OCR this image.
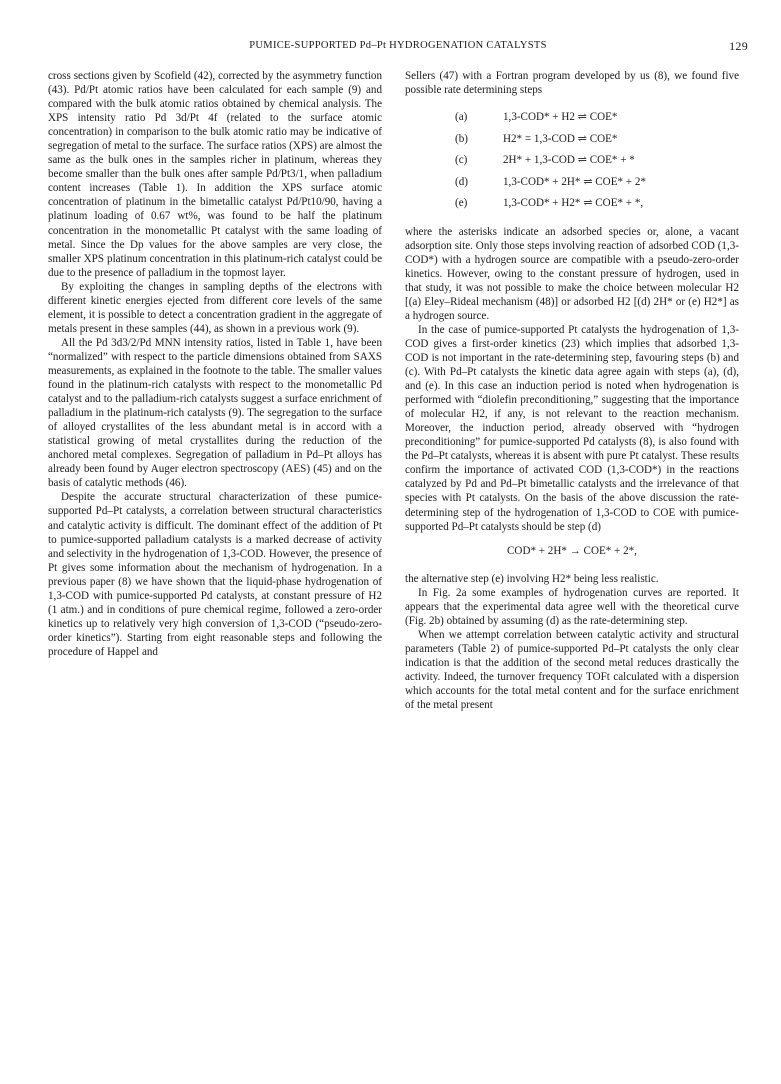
PUMICE-SUPPORTED Pd–Pt HYDROGENATION CATALYSTS	129

cross sections given by Scofield (42), corrected by the asymmetry function (43). Pd/Pt atomic ratios have been calculated for each sample (9) and compared with the bulk atomic ratios obtained by chemical analysis. The XPS intensity ratio Pd 3d/Pt 4f (related to the surface atomic concentration) in comparison to the bulk atomic ratio may be indicative of segregation of metal to the surface. The surface ratios (XPS) are almost the same as the bulk ones in the samples richer in platinum, whereas they become smaller than the bulk ones after sample Pd/Pt3/1, when palladium content increases (Table 1). In addition the XPS surface atomic concentration of platinum in the bimetallic catalyst Pd/Pt10/90, having a platinum loading of 0.67 wt%, was found to be half the platinum concentration in the monometallic Pt catalyst with the same loading of metal. Since the Dp values for the above samples are very close, the smaller XPS platinum concentration in this platinum-rich catalyst could be due to the presence of palladium in the topmost layer.

By exploiting the changes in sampling depths of the electrons with different kinetic energies ejected from different core levels of the same element, it is possible to detect a concentration gradient in the aggregate of metals present in these samples (44), as shown in a previous work (9).

All the Pd 3d3/2/Pd MNN intensity ratios, listed in Table 1, have been “normalized” with respect to the particle dimensions obtained from SAXS measurements, as explained in the footnote to the table. The smaller values found in the platinum-rich catalysts with respect to the monometallic Pd catalyst and to the palladium-rich catalysts suggest a surface enrichment of palladium in the platinum-rich catalysts (9). The segregation to the surface of alloyed crystallites of the less abundant metal is in accord with a statistical growing of metal crystallites during the reduction of the anchored metal complexes. Segregation of palladium in Pd–Pt alloys has already been found by Auger electron spectroscopy (AES) (45) and on the basis of catalytic methods (46).

Despite the accurate structural characterization of these pumice-supported Pd–Pt catalysts, a correlation between structural characteristics and catalytic activity is difficult. The dominant effect of the addition of Pt to pumice-supported palladium catalysts is a marked decrease of activity and selectivity in the hydrogenation of 1,3-COD. However, the presence of Pt gives some information about the mechanism of hydrogenation. In a previous paper (8) we have shown that the liquid-phase hydrogenation of 1,3-COD with pumice-supported Pd catalysts, at constant pressure of H2 (1 atm.) and in conditions of pure chemical regime, followed a zero-order kinetics up to relatively very high conversion of 1,3-COD (“pseudo-zero-order kinetics”). Starting from eight reasonable steps and following the procedure of Happel and

Sellers (47) with a Fortran program developed by us (8), we found five possible rate determining steps

(a)	1,3-COD* + H2 ⇌ COE*
(b)	H2* = 1,3-COD ⇌ COE*
(c)	2H* + 1,3-COD ⇌ COE* + *
(d)	1,3-COD* + 2H* ⇌ COE* + 2*
(e)	1,3-COD* + H2* ⇌ COE* + *,

where the asterisks indicate an adsorbed species or, alone, a vacant adsorption site. Only those steps involving reaction of adsorbed COD (1,3-COD*) with a hydrogen source are compatible with a pseudo-zero-order kinetics. However, owing to the constant pressure of hydrogen, used in that study, it was not possible to make the choice between molecular H2 [(a) Eley–Rideal mechanism (48)] or adsorbed H2 [(d) 2H* or (e) H2*] as a hydrogen source.

In the case of pumice-supported Pt catalysts the hydrogenation of 1,3-COD gives a first-order kinetics (23) which implies that adsorbed 1,3-COD is not important in the rate-determining step, favouring steps (b) and (c). With Pd–Pt catalysts the kinetic data agree again with steps (a), (d), and (e). In this case an induction period is noted when hydrogenation is performed with “diolefin preconditioning,” suggesting that the importance of molecular H2, if any, is not relevant to the reaction mechanism. Moreover, the induction period, already observed with “hydrogen preconditioning” for pumice-supported Pd catalysts (8), is also found with the Pd–Pt catalysts, whereas it is absent with pure Pt catalyst. These results confirm the importance of activated COD (1,3-COD*) in the reactions catalyzed by Pd and Pd–Pt bimetallic catalysts and the irrelevance of that species with Pt catalysts. On the basis of the above discussion the rate-determining step of the hydrogenation of 1,3-COD to COE with pumice-supported Pd–Pt catalysts should be step (d)

COD* + 2H* → COE* + 2*,

the alternative step (e) involving H2* being less realistic.

In Fig. 2a some examples of hydrogenation curves are reported. It appears that the experimental data agree well with the theoretical curve (Fig. 2b) obtained by assuming (d) as the rate-determining step.

When we attempt correlation between catalytic activity and structural parameters (Table 2) of pumice-supported Pd–Pt catalysts the only clear indication is that the addition of the second metal reduces drastically the activity. Indeed, the turnover frequency TOFt calculated with a dispersion which accounts for the total metal content and for the surface enrichment of the metal present
